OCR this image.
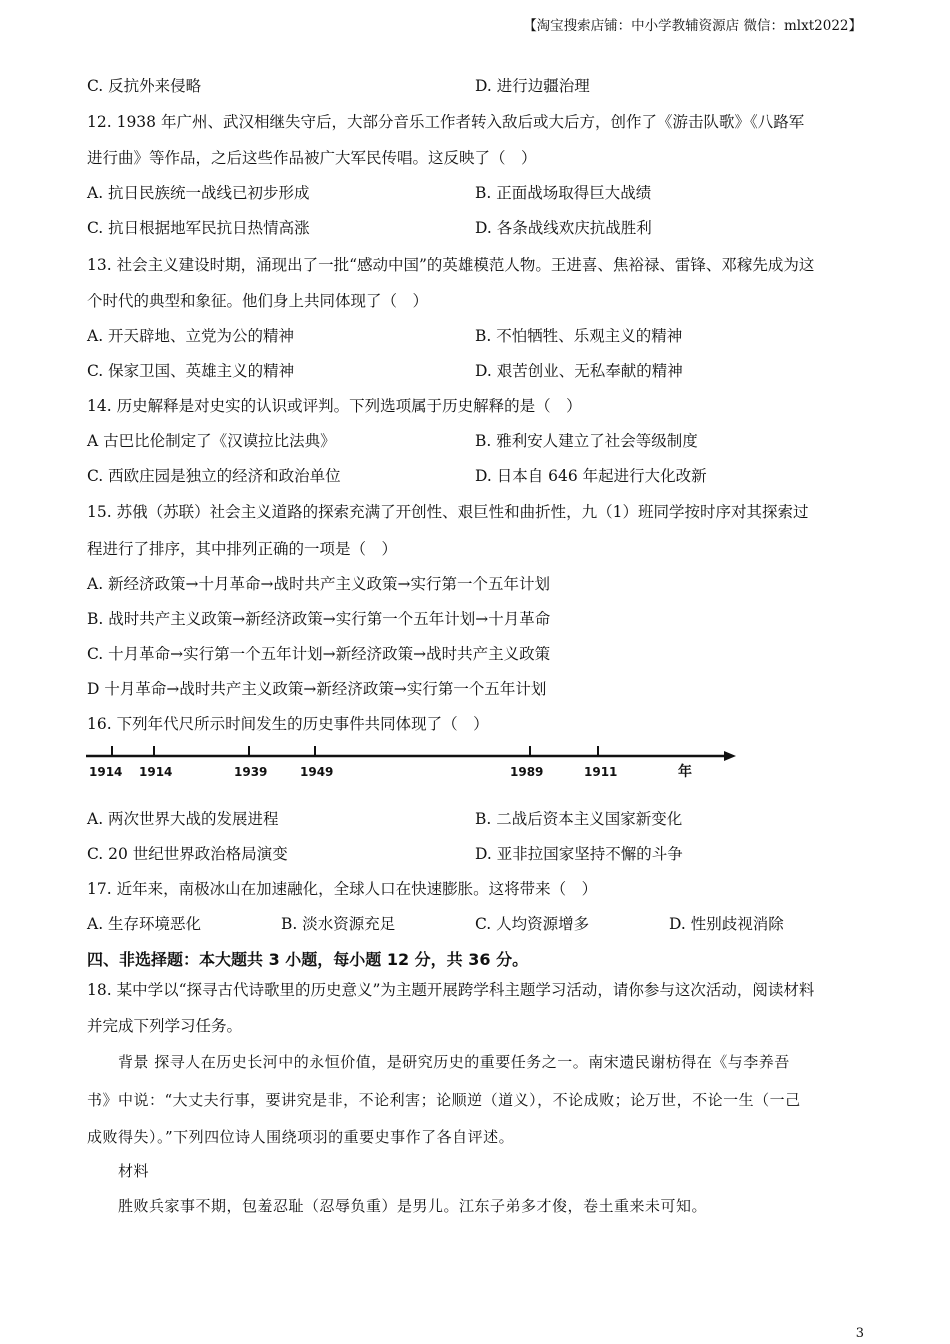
【淘宝搜索店铺：中小学教辅资源店 微信：mlxt2022】
C. 反抗外来侵略	D. 进行边疆治理
12. 1938 年广州、武汉相继失守后，大部分音乐工作者转入敌后或大后方，创作了《游击队歌》《八路军
进行曲》等作品，之后这些作品被广大军民传唱。这反映了（　）
A. 抗日民族统一战线已初步形成	B. 正面战场取得巨大战绩
C. 抗日根据地军民抗日热情高涨	D. 各条战线欢庆抗战胜利
13. 社会主义建设时期，涌现出了一批“感动中国”的英雄模范人物。王进喜、焦裕禄、雷锋、邓稼先成为这
个时代的典型和象征。他们身上共同体现了（　）
A. 开天辟地、立党为公的精神	B. 不怕牺牲、乐观主义的精神
C. 保家卫国、英雄主义的精神	D. 艰苦创业、无私奉献的精神
14. 历史解释是对史实的认识或评判。下列选项属于历史解释的是（　）
A 古巴比伦制定了《汉谟拉比法典》	B. 雅利安人建立了社会等级制度
C. 西欧庄园是独立的经济和政治单位	D. 日本自 646 年起进行大化改新
15. 苏俄（苏联）社会主义道路的探索充满了开创性、艰巨性和曲折性，九（1）班同学按时序对其探索过
程进行了排序，其中排列正确的一项是（　）
A. 新经济政策→十月革命→战时共产主义政策→实行第一个五年计划
B. 战时共产主义政策→新经济政策→实行第一个五年计划→十月革命
C. 十月革命→实行第一个五年计划→新经济政策→战时共产主义政策
D 十月革命→战时共产主义政策→新经济政策→实行第一个五年计划
16. 下列年代尺所示时间发生的历史事件共同体现了（　）
1914 1914	1939	1949	1989	1911	年
A. 两次世界大战的发展进程	B. 二战后资本主义国家新变化
C. 20 世纪世界政治格局演变	D. 亚非拉国家坚持不懈的斗争
17. 近年来，南极冰山在加速融化，全球人口在快速膨胀。这将带来（　）
A. 生存环境恶化	B. 淡水资源充足	C. 人均资源增多	D. 性别歧视消除
四、非选择题：本大题共 3 小题，每小题 12 分，共 36 分。
18. 某中学以“探寻古代诗歌里的历史意义”为主题开展跨学科主题学习活动，请你参与这次活动，阅读材料
并完成下列学习任务。
背景 探寻人在历史长河中的永恒价值，是研究历史的重要任务之一。南宋遗民谢枋得在《与李养吾
书》中说：“大丈夫行事，要讲究是非，不论利害；论顺逆（道义），不论成败；论万世，不论一生（一己
成败得失）。”下列四位诗人围绕项羽的重要史事作了各自评述。
材料
胜败兵家事不期，包羞忍耻（忍辱负重）是男儿。江东子弟多才俊，卷土重来未可知。
3
